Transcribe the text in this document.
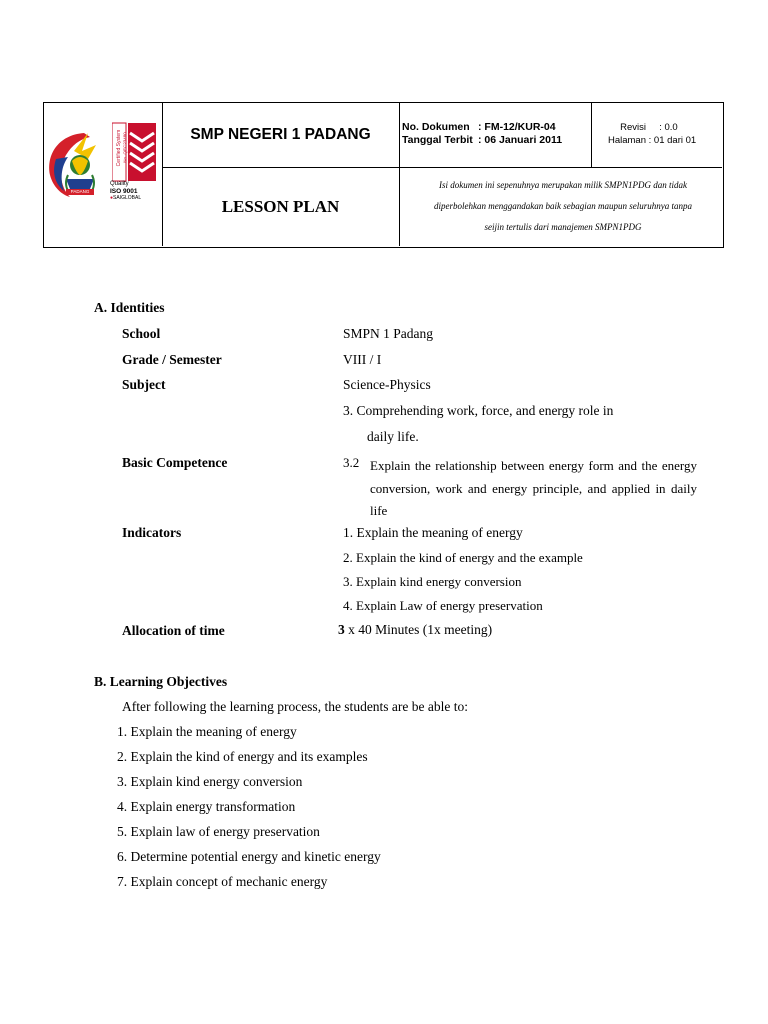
PADANG
Certified System No. QEC23480
Quality
ISO 9001
●SAIGLOBAL
SMP NEGERI 1 PADANG
LESSON PLAN
No. Dokumen : FM-12/KUR-04
Tanggal Terbit : 06 Januari 2011
Revisi : 0.0
Halaman : 01 dari 01
Isi dokumen ini sepenuhnya merupakan milik SMPN1PDG dan tidak
diperbolehkan menggandakan baik sebagian maupun seluruhnya tanpa
seijin tertulis dari manajemen SMPN1PDG
A. Identities
School	SMPN 1 Padang
Grade / Semester	VIII / I
Subject	Science-Physics
3. Comprehending work, force, and energy role in
daily life.
Basic Competence	3.2 Explain the relationship between energy form and the energy conversion, work and energy principle, and applied in daily life
Indicators	1. Explain the meaning of energy
2. Explain the kind of energy and the example
3. Explain kind energy conversion
4. Explain Law of energy preservation
Allocation of time	3 x 40 Minutes (1x meeting)
B. Learning Objectives
After following the learning process, the students are be able to:
1. Explain the meaning of energy
2. Explain the kind of energy and its examples
3. Explain kind energy conversion
4. Explain energy transformation
5. Explain law of energy preservation
6. Determine potential energy and kinetic energy
7. Explain concept of mechanic energy
